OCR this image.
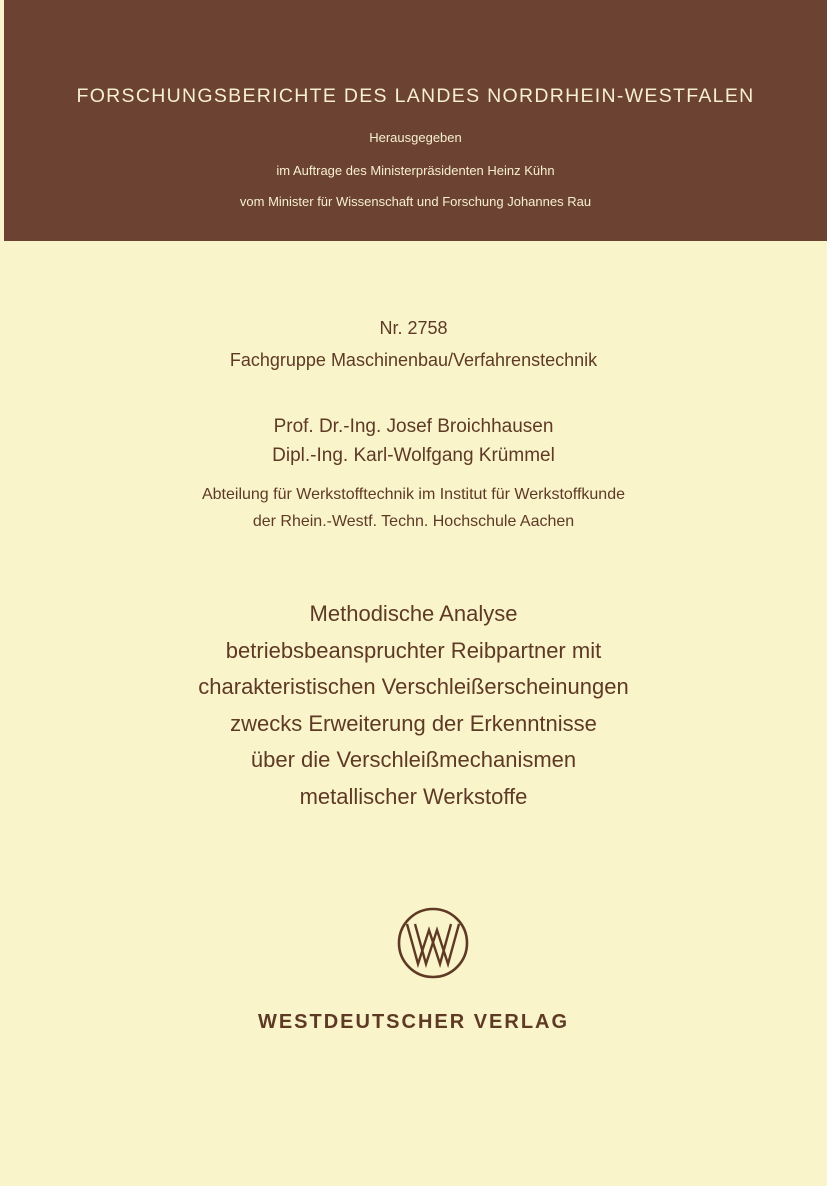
FORSCHUNGSBERICHTE DES LANDES NORDRHEIN-WESTFALEN
Herausgegeben
im Auftrage des Ministerpräsidenten Heinz Kühn
vom Minister für Wissenschaft und Forschung Johannes Rau
Nr. 2758
Fachgruppe Maschinenbau/Verfahrenstechnik
Prof. Dr.-Ing. Josef Broichhausen
Dipl.-Ing. Karl-Wolfgang Krümmel
Abteilung für Werkstofftechnik im Institut für Werkstoffkunde
der Rhein.-Westf. Techn. Hochschule Aachen
Methodische Analyse
betriebsbeanspruchter Reibpartner mit
charakteristischen Verschleißerscheinungen
zwecks Erweiterung der Erkenntnisse
über die Verschleißmechanismen
metallischer Werkstoffe
WESTDEUTSCHER VERLAG
